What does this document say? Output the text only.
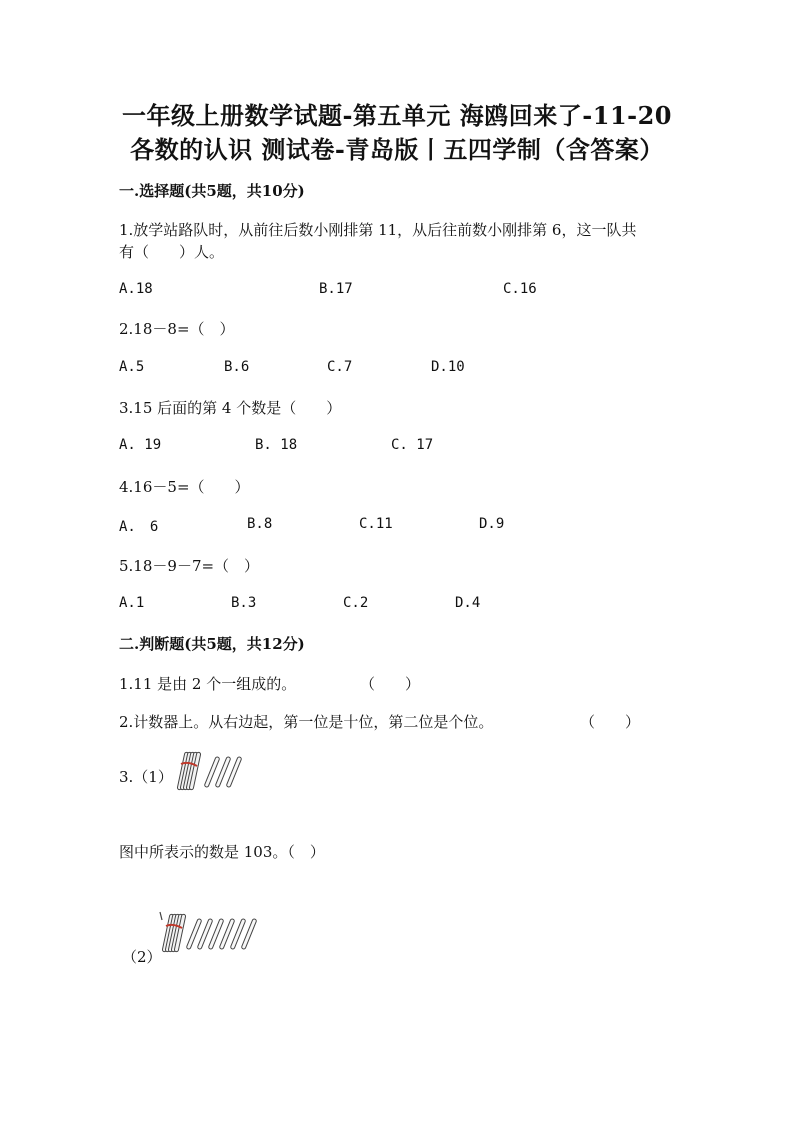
一年级上册数学试题-第五单元 海鸥回来了-11-20
各数的认识 测试卷-青岛版丨五四学制（含答案）
一.选择题(共5题，共10分)
1.放学站路队时，从前往后数小刚排第 11，从后往前数小刚排第 6，这一队共
有（　　）人。
A.18	B.17	C.16
2.18－8=（　）
A.5	B.6	C.7	D.10
3.15 后面的第 4 个数是（　　）
A. 19	B. 18	C. 17
4.16－5=（　　）
A.　6	B.8	C.11	D.9
5.18－9－7=（　）
A.1	B.3	C.2	D.4
二.判断题(共5题，共12分)
1.11 是由 2 个一组成的。	（　　）
2.计数器上。从右边起，第一位是十位，第二位是个位。	（　　）
3.（1）
图中所表示的数是 103。（　）
（2）
